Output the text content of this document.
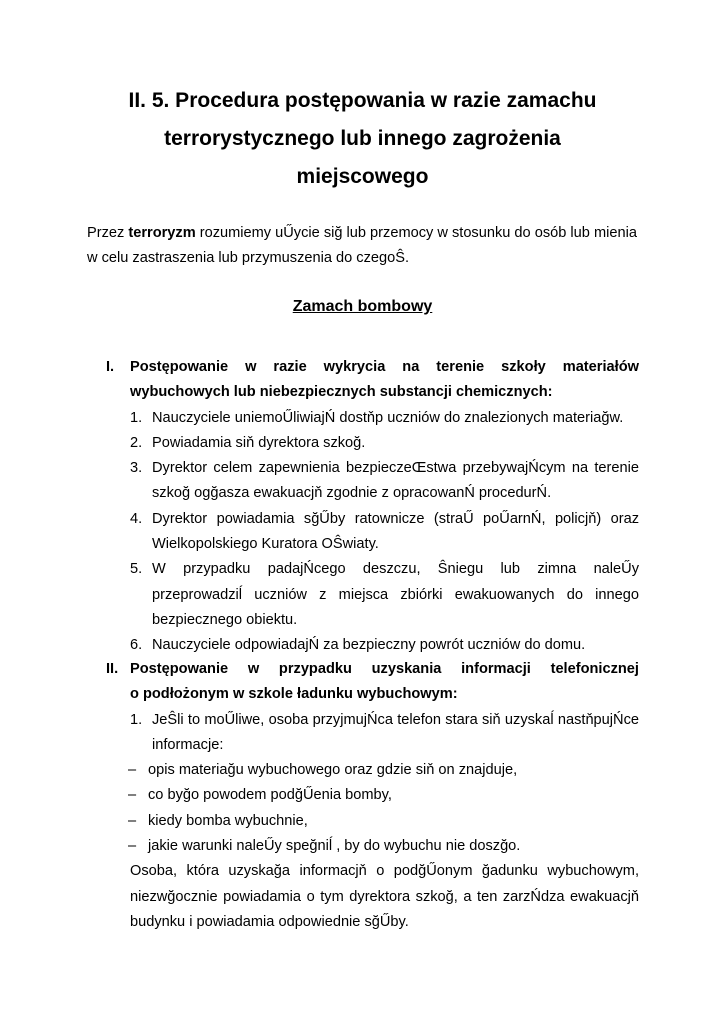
II. 5. Procedura postępowania w razie zamachu
terrorystycznego lub innego zagrożenia
miejscowego

Przez terroryzm rozumiemy uŰycie siğ lub przemocy w stosunku do osób lub mienia w celu zastraszenia lub przymuszenia do czegoŜ.

Zamach bombowy
I.	Postępowanie w razie wykrycia na terenie szkoły materiałów
wybuchowych lub niebezpiecznych substancji chemicznych:
1. Nauczyciele uniemoŰliwiajŃ dostňp uczniów do znalezionych materiağw.
2. Powiadamia siň dyrektora szkoğ.
3. Dyrektor celem zapewnienia bezpieczeŒstwa przebywajŃcym na terenie szkoğ ogğasza ewakuacjň zgodnie z opracowanŃ procedurŃ.
4. Dyrektor powiadamia sğŰby ratownicze (straŰ poŰarnŃ, policjň) oraz Wielkopolskiego Kuratora OŜwiaty.
5. W przypadku padajŃcego deszczu, Ŝniegu lub zimna naleŰy przeprowadziĺ uczniów z miejsca zbiórki ewakuowanych do innego bezpiecznego obiektu.
6. Nauczyciele odpowiadajŃ za bezpieczny powrót uczniów do domu.
II. Postępowanie w przypadku uzyskania informacji telefonicznej
o podłożonym w szkole ładunku wybuchowym:
1. JeŜli to moŰliwe, osoba przyjmujŃca telefon stara siň uzyskaĺ nastňpujŃce informacje:
– opis materiağu wybuchowego oraz gdzie siň on znajduje,
– co byğo powodem podğŰenia bomby,
– kiedy bomba wybuchnie,
– jakie warunki naleŰy speğniĺ , by do wybuchu nie doszğo.

Osoba, która uzyskağa informacjň o podğŰonym ğadunku wybuchowym, niezwğocznie powiadamia o tym dyrektora szkoğ, a ten zarzŃdza ewakuacjň budynku i powiadamia odpowiednie sğŰby.
